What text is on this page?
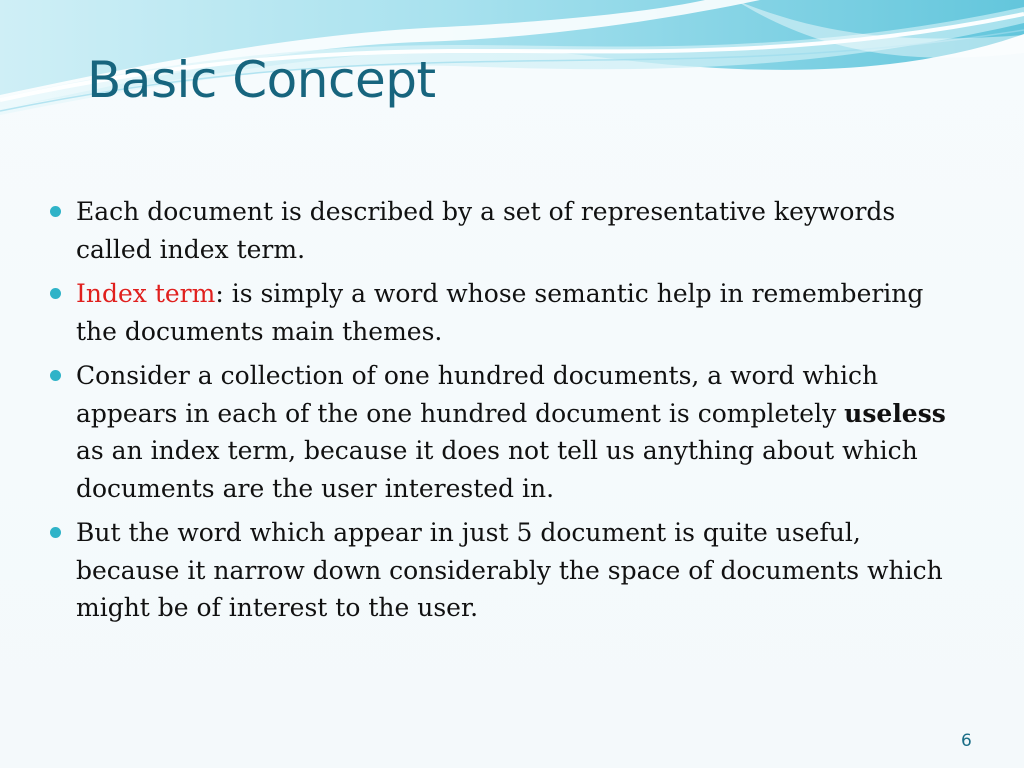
Basic Concept
Each document is described by a set of representative keywords called index term.
Index term: is simply a word whose semantic help in remembering the documents main themes.
Consider a collection of one hundred documents, a word which appears in each of the one hundred document is completely useless as an index term, because it does not tell us anything about which documents are the user interested in.
But the word which appear in just 5 document is quite useful, because it narrow down considerably the space of documents which might be of interest to the user.
6
